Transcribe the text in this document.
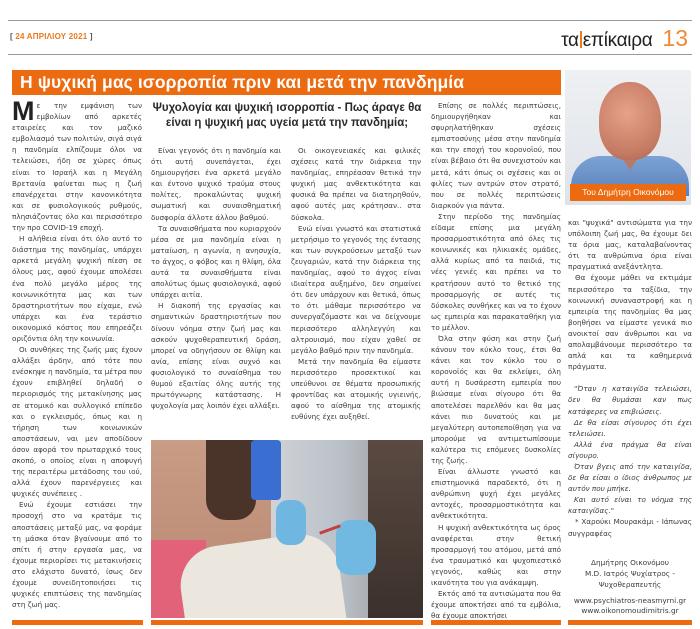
[ 24 ΑΠΡΙΛΙΟΥ 2021 ]	τα επίκαιρα 13
Η ψυχική μας ισορροπία πριν και μετά την πανδημία

Με την εμφάνιση των εμβολίων από αρκετές εταιρείες και τον μαζικό εμβολιασμό των πολιτών, σιγά σιγά η πανδημία ελπίζουμε όλοι να τελειώσει, ήδη σε χώρες όπως είναι το Ισραήλ και η Μεγάλη Βρετανία φαίνεται πως η ζωή επανέρχεται στην κανονικότητα και σε φυσιολογικούς ρυθμούς, πλησιάζοντας όλο και περισσότερο την προ COVID-19 εποχή.

Η αλήθεια είναι ότι όλο αυτό το διάστημα της πανδημίας, υπάρχει αρκετά μεγάλη ψυχική πίεση σε όλους μας, αφού έχουμε απολέσει ένα πολύ μεγάλο μέρος της κοινωνικότητα μας και των δραστηριοτήτων που είχαμε, ενώ υπάρχει και ένα τεράστιο οικονομικό κόστος που επηρεάζει οριζόντια όλη την κοινωνία.

Οι συνθήκες της ζωής μας έχουν αλλάξει άρδην, από τότε που ενέσκηψε η πανδημία, τα μέτρα που έχουν επιβληθεί δηλαδή ο περιορισμός της μετακίνησης μας σε ατομικό και συλλογικό επίπεδο και ο εγκλεισμός, όπως και η τήρηση των κοινωνικών αποστάσεων, ναι μεν αποδίδουν όσον αφορά τον πρωταρχικό τους σκοπό, ο οποίος είναι η αποφυγή της περαιτέρω μετάδοσης του ιού, αλλά έχουν παρενέργειες και ψυχικές συνέπειες .

Ενώ έχουμε εστιάσει την προσοχή στο να κρατάμε τις αποστάσεις μεταξύ μας, να φοράμε τη μάσκα όταν βγαίνουμε από το σπίτι ή στην εργασία μας, να έχουμε περιορίσει τις μετακινήσεις στο ελάχιστο δυνατό, ίσως δεν έχουμε συνειδητοποιήσει τις ψυχικές επιπτώσεις της πανδημίας στη ζωή μας.

Ψυχολογία και ψυχική ισορροπία - Πως άραγε θα είναι η ψυχική μας υγεία μετά την πανδημία;

Είναι γεγονός ότι η πανδημία και ότι αυτή συνεπάγεται, έχει δημιουργήσει ένα αρκετά μεγάλο και έντονο ψυχικό τραύμα στους πολίτες, προκαλώντας ψυχική σωματική και συναισθηματική δυσφορία άλλοτε άλλου βαθμού.

Τα συναισθήματα που κυριαρχούν μέσα σε μια πανδημία είναι η ματαίωση, η αγωνία, η ανησυχία, το άγχος, ο φόβος και η θλίψη, όλα αυτά τα συναισθήματα είναι απολύτως όμως φυσιολογικά, αφού υπάρχει αιτία.

Η διακοπή της εργασίας και σημαντικών δραστηριοτήτων που δίνουν νόημα στην ζωή μας και ασκούν ψυχοθεραπευτική δράση, μπορεί να οδηγήσουν σε θλίψη και ανία, επίσης είναι συχνό και φυσιολογικό το συναίσθημα του θυμού εξαιτίας όλης αυτής της πρωτόγνωρης κατάστασης. Η ψυχολογία μας λοιπόν έχει αλλάξει.

Οι οικογενειακές και φιλικές σχέσεις κατά την διάρκεια την πανδημίας, επηρέασαν θετικά την ψυχική μας ανθεκτικότητα και φυσικά θα πρέπει να διατηρηθούν, αφού αυτές μας κράτησαν.. στα δύσκολα.

Ενώ είναι γνωστό και στατιστικά μετρήσιμο το γεγονός της έντασης και των συγκρούσεων μεταξύ των ζευγαριών, κατά την διάρκεια της πανδημίας, αφού το άγχος είναι ιδιαίτερα αυξημένο, δεν σημαίνει ότι δεν υπάρχουν και θετικά, όπως το ότι μάθαμε περισσότερο να συνεργαζόμαστε και να δείχνουμε περισσότερο αλληλεγγύη και αλτρουισμό, που είχαν χαθεί σε μεγάλο βαθμό πριν την πανδημία.

Μετά την πανδημία θα είμαστε περισσότερο προσεκτικοί και υπεύθυνοι σε θέματα προσωπικής φροντίδας και ατομικής υγιεινής, αφού το αίσθημα της ατομικής ευθύνης έχει αυξηθεί.

Επίσης σε πολλές περιπτώσεις, δημιουργήθηκαν και σφυρηλατήθηκαν σχέσεις εμπιστοσύνης μέσα στην πανδημία και την εποχή του κορονοϊού, που είναι βέβαιο ότι θα συνεχιστούν και μετά, κάτι όπως οι σχέσεις και οι φιλίες των αντρών στον στρατό, που σε πολλές περιπτώσεις διαρκούν για πάντα.

Στην περίοδο της πανδημίας είδαμε επίσης μια μεγάλη προσαρμοστικότητα από όλες τις κοινωνικές και ηλικιακές ομάδες, αλλά κυρίως από τα παιδιά, τις νέες γενιές και πρέπει να το κρατήσουν αυτό το θετικό της προσαρμογής σε αυτές τις δύσκολες συνθήκες και να το έχουν ως εμπειρία και παρακαταθήκη για το μέλλον.

Όλα στην φύση και στην ζωή κάνουν τον κύκλο τους, έτσι θα κάνει και τον κύκλο του ο κορονοϊός και θα εκλείψει, όλη αυτή η δυσάρεστη εμπειρία που βιώσαμε είναι σίγουρο ότι θα αποτελέσει παρελθόν και θα μας κάνει πιο δυνατούς και με μεγαλύτερη αυτοπεποίθηση για να μπορούμε να αντιμετωπίσουμε καλύτερα τις επόμενες δυσκολίες της ζωής.

Είναι άλλωστε γνωστό και επιστημονικά παραδεκτό, ότι η ανθρώπινη ψυχή έχει μεγάλες αντοχές, προσαρμοστικότητα και ανθεκτικότητα.

Η ψυχική ανθεκτικότητα ως όρος αναφέρεται στην θετική προσαρμογή του ατόμου, μετά από ένα τραυματικό και ψυχοπιεστικό γεγονός, καθώς και στην ικανότητα του για ανάκαμψη.

Εκτός από τα αντισώματα που θα έχουμε αποκτήσει από τα εμβόλια, θα έχουμε αποκτήσει

Του Δημήτρη Οικονόμου

και "ψυχικά" αντισώματα για την υπόλοιπη ζωή μας, θα έχουμε δει τα όρια μας, καταλαβαίνοντας ότι τα ανθρώπινα όρια είναι πραγματικά ανεξάντλητα.

Θα έχουμε μάθει να εκτιμάμε περισσότερο τα ταξίδια, την κοινωνική συναναστροφή και η εμπειρία της πανδημίας θα μας βοηθήσει να είμαστε γενικά πιο ανοικτοί σαν άνθρωποι και να απολαμβάνουμε περισσότερο τα απλά και τα καθημερινά πράγματα.

"Όταν η καταιγίδα τελειώσει, δεν θα θυμάσαι καν πως κατάφερες να επιβιώσεις.

Δε θα είσαι σίγουρος ότι έχει τελειώσει.

Αλλά ένα πράγμα θα είναι σίγουρο.

Όταν βγεις από την καταιγίδα, δε θα είσαι ο ίδιος άνθρωπος με αυτόν που μπήκε.

Και αυτό είναι το νόημα της καταιγίδας."

* Χαρούκι Μουρακάμι - Ιάπωνας συγγραφέας

Δημήτρης Οικονόμου
M.D. Ιατρός Ψυχίατρος -
Ψυχοθεραπευτής
www.psychiatros-neasmyrni.gr
www.oikonomoudimitris.gr
